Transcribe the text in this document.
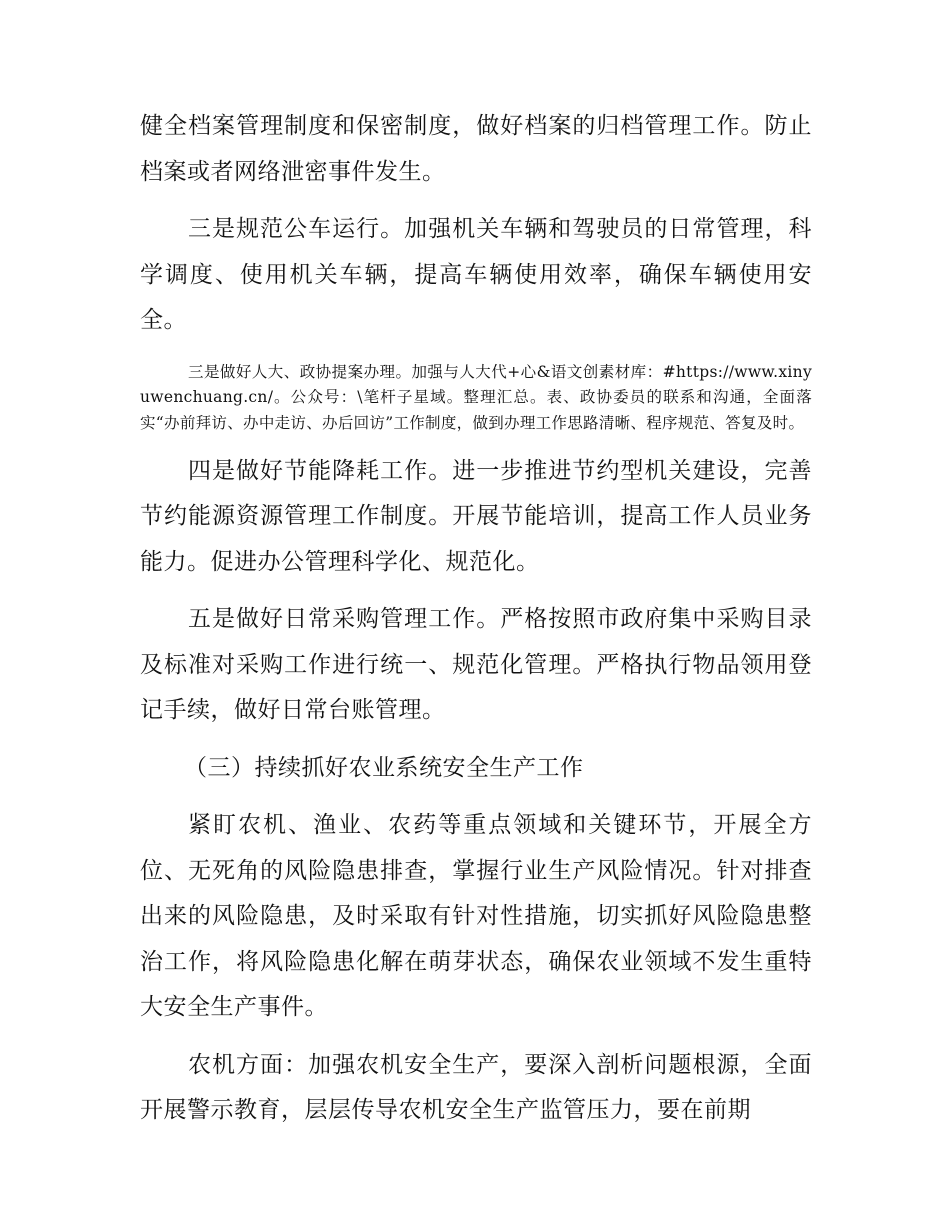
健全档案管理制度和保密制度，做好档案的归档管理工作。防止档案或者网络泄密事件发生。

三是规范公车运行。加强机关车辆和驾驶员的日常管理，科学调度、使用机关车辆，提高车辆使用效率，确保车辆使用安全。

三是做好人大、政协提案办理。加强与人大代+心&语文创素材库：#https://www.xinyuwenchuang.cn/。公众号：\笔杆子星域。整理汇总。表、政协委员的联系和沟通，全面落实“办前拜访、办中走访、办后回访”工作制度，做到办理工作思路清晰、程序规范、答复及时。

四是做好节能降耗工作。进一步推进节约型机关建设，完善节约能源资源管理工作制度。开展节能培训，提高工作人员业务能力。促进办公管理科学化、规范化。

五是做好日常采购管理工作。严格按照市政府集中采购目录及标准对采购工作进行统一、规范化管理。严格执行物品领用登记手续，做好日常台账管理。

（三）持续抓好农业系统安全生产工作

紧盯农机、渔业、农药等重点领域和关键环节，开展全方位、无死角的风险隐患排查，掌握行业生产风险情况。针对排查出来的风险隐患，及时采取有针对性措施，切实抓好风险隐患整治工作，将风险隐患化解在萌芽状态，确保农业领域不发生重特大安全生产事件。

农机方面：加强农机安全生产，要深入剖析问题根源，全面开展警示教育，层层传导农机安全生产监管压力，要在前期
